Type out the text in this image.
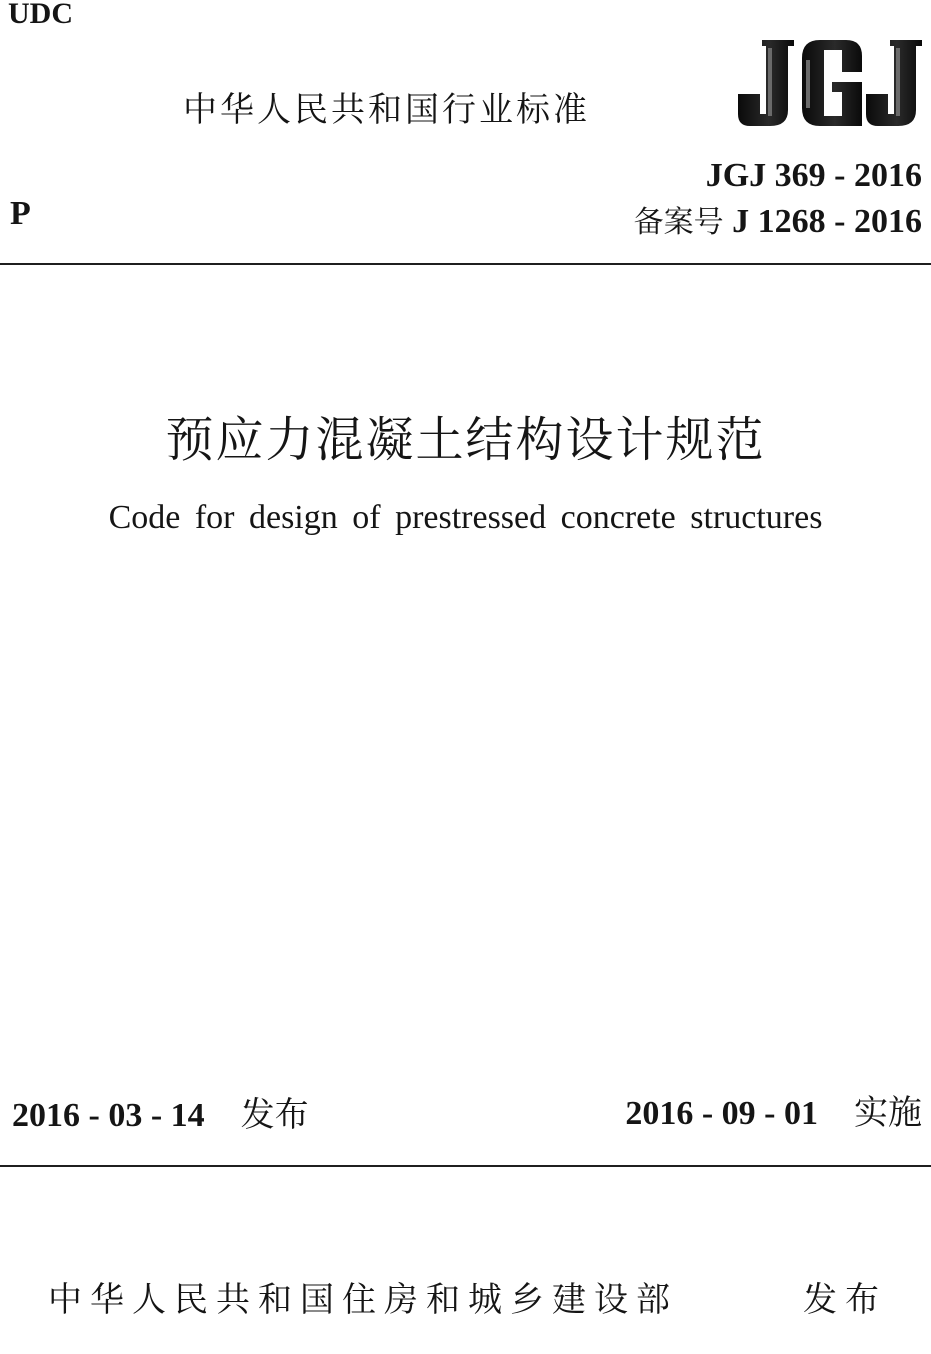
UDC
中华人民共和国行业标准
JGJ 369 - 2016
备案号 J 1268 - 2016
P
预应力混凝土结构设计规范
Code for design of prestressed concrete structures
2016 - 03 - 14 发布	2016 - 09 - 01 实施
中华人民共和国住房和城乡建设部	发布
